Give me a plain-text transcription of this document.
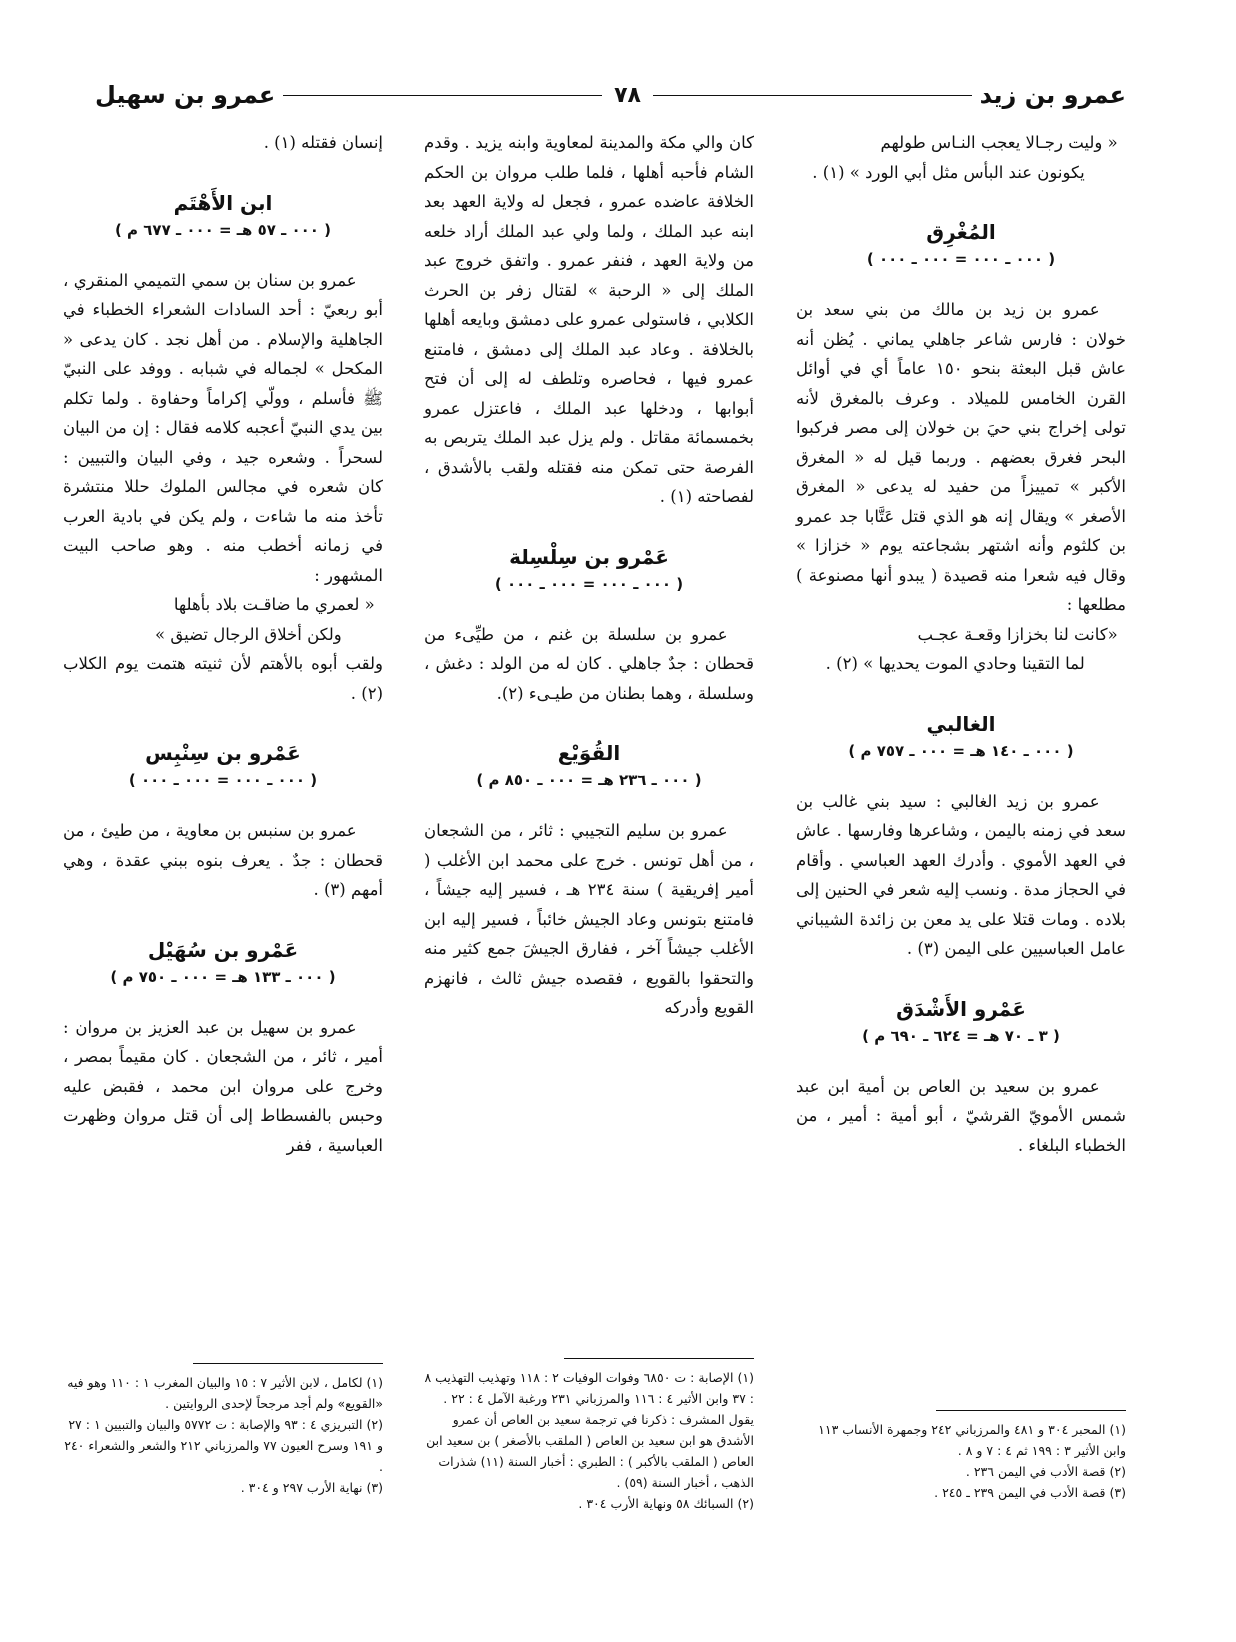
عمرو بن زيد
٧٨
عمرو بن سهيل

« وليت رجـالا يعجب النـاس طولهم

يكونون عند البأس مثل أبي الورد » (١) .

المُغْرِق
( ٠٠٠ ـ ٠٠٠ = ٠٠٠ ـ ٠٠٠ )

عمرو بن زيد بن مالك من بني سعد بن خولان : فارس شاعر جاهلي يماني . يُظن أنه عاش قبل البعثة بنحو ١٥٠ عاماً أي في أوائل القرن الخامس للميلاد . وعرف بالمغرق لأنه تولى إخراج بني حيَ بن خولان إلى مصر فركبوا البحر فغرق بعضهم . وربما قيل له « المغرق الأكبر » تمييزاً من حفيد له يدعى « المغرق الأصغر » ويقال إنه هو الذي قتل عَتَّابا جد عمرو بن كلثوم وأنه اشتهر بشجاعته يوم « خزازا » وقال فيه شعرا منه قصيدة ( يبدو أنها مصنوعة ) مطلعها :

«كانت لنا بخزازا وقعـة عجـب

لما التقينا وحادي الموت يحديها » (٢) .

الغالبي
( ٠٠٠ ـ ١٤٠ هـ = ٠٠٠ ـ ٧٥٧ م )

عمرو بن زيد الغالبي : سيد بني غالب بن سعد في زمنه باليمن ، وشاعرها وفارسها . عاش في العهد الأموي . وأدرك العهد العباسي . وأقام في الحجاز مدة . ونسب إليه شعر في الحنين إلى بلاده . ومات قتلا على يد معن بن زائدة الشيباني عامل العباسيين على اليمن (٣) .

عَمْرو الأَشْدَق
( ٣ ـ ٧٠ هـ = ٦٢٤ ـ ٦٩٠ م )

عمرو بن سعيد بن العاص بن أمية ابن عبد شمس الأمويّ القرشيّ ، أبو أمية : أمير ، من الخطباء البلغاء .

كان والي مكة والمدينة لمعاوية وابنه يزيد . وقدم الشام فأحبه أهلها ، فلما طلب مروان بن الحكم الخلافة عاضده عمرو ، فجعل له ولاية العهد بعد ابنه عبد الملك ، ولما ولي عبد الملك أراد خلعه من ولاية العهد ، فنفر عمرو . واتفق خروج عبد الملك إلى « الرحبة » لقتال زفر بن الحرث الكلابي ، فاستولى عمرو على دمشق وبايعه أهلها بالخلافة . وعاد عبد الملك إلى دمشق ، فامتنع عمرو فيها ، فحاصره وتلطف له إلى أن فتح أبوابها ، ودخلها عبد الملك ، فاعتزل عمرو بخمسمائة مقاتل . ولم يزل عبد الملك يتربص به الفرصة حتى تمكن منه فقتله ولقب بالأشدق ، لفصاحته (١) .

عَمْرو بن سِلْسِلة
( ٠٠٠ ـ ٠٠٠ = ٠٠٠ ـ ٠٠٠ )

عمرو بن سلسلة بن غنم ، من طيِّىء من قحطان : جدٌ جاهلي . كان له من الولد : دغش ، وسلسلة ، وهما بطنان من طيـىء (٢).

القُوَيْع
( ٠٠٠ ـ ٢٣٦ هـ = ٠٠٠ ـ ٨٥٠ م )

عمرو بن سليم التجيبي : ثائر ، من الشجعان ، من أهل تونس . خرج على محمد ابن الأغلب ( أمير إفريقية ) سنة ٢٣٤ هـ ، فسير إليه جيشاً ، فامتنع بتونس وعاد الجيش خائباً ، فسير إليه ابن الأغلب جيشاً آخر ، ففارق الجيشَ جمع كثير منه والتحقوا بالقويع ، فقصده جيش ثالث ، فانهزم القويع وأدركه

إنسان فقتله (١) .

ابن الأَهْتَم
( ٠٠٠ ـ ٥٧ هـ = ٠٠٠ ـ ٦٧٧ م )

عمرو بن سنان بن سمي التميمي المنقري ، أبو ربعيّ : أحد السادات الشعراء الخطباء في الجاهلية والإسلام . من أهل نجد . كان يدعى « المكحل » لجماله في شبابه . ووفد على النبيّ ﷺ فأسلم ، وولّي إكراماً وحفاوة . ولما تكلم بين يدي النبيّ أعجبه كلامه فقال : إن من البيان لسحراً . وشعره جيد ، وفي البيان والتبيين : كان شعره في مجالس الملوك حللا منتشرة تأخذ منه ما شاءت ، ولم يكن في بادية العرب في زمانه أخطب منه . وهو صاحب البيت المشهور :

« لعمري ما ضاقـت بلاد بأهلها

ولكن أخلاق الرجال تضيق »

ولقب أبوه بالأهتم لأن ثنيته هتمت يوم الكلاب (٢) .

عَمْرو بن سِنْبِس
( ٠٠٠ ـ ٠٠٠ = ٠٠٠ ـ ٠٠٠ )

عمرو بن سنبس بن معاوية ، من طيئ ، من قحطان : جدٌ . يعرف بنوه ببني عقدة ، وهي أمهم (٣) .

عَمْرو بن سُهَيْل
( ٠٠٠ ـ ١٣٣ هـ = ٠٠٠ ـ ٧٥٠ م )

عمرو بن سهيل بن عبد العزيز بن مروان : أمير ، ثائر ، من الشجعان . كان مقيماً بمصر ، وخرج على مروان ابن محمد ، فقبض عليه وحبس بالفسطاط إلى أن قتل مروان وظهرت العباسية ، ففر

(١) المحبر ٣٠٤ و ٤٨١ والمرزباني ٢٤٢ وجمهرة الأنساب ١١٣ وابن الأثير ٣ : ١٩٩ ثم ٤ : ٧ و ٨ .

(٢) قصة الأدب في اليمن ٢٣٦ .

(٣) قصة الأدب في اليمن ٢٣٩ ـ ٢٤٥ .

(١) الإصابة : ت ٦٨٥٠ وفوات الوفيات ٢ : ١١٨ وتهذيب التهذيب ٨ : ٣٧ وابن الأثير ٤ : ١١٦ والمرزباني ٢٣١ ورغبة الآمل ٤ : ٢٢ . يقول المشرف : ذكرنا في ترجمة سعيد بن العاص أن عمرو الأشدق هو ابن سعيد بن العاص ( الملقب بالأصغر ) بن سعيد ابن العاص ( الملقب بالأكبر ) : الطبري : أخبار السنة (١١) شذرات الذهب ، أخبار السنة (٥٩) .

(٢) السبائك ٥٨ ونهاية الأرب ٣٠٤ .

(١) لكامل ، لابن الأثير ٧ : ١٥ والبيان المغرب ١ : ١١٠ وهو فيه «القويع» ولم أجد مرجحاً لإحدى الروايتين .

(٢) التبريزي ٤ : ٩٣ والإصابة : ت ٥٧٧٢ والبيان والتبيين ١ : ٢٧ و ١٩١ وسرح العيون ٧٧ والمرزباني ٢١٢ والشعر والشعراء ٢٤٠ .

(٣) نهاية الأرب ٢٩٧ و ٣٠٤ .
